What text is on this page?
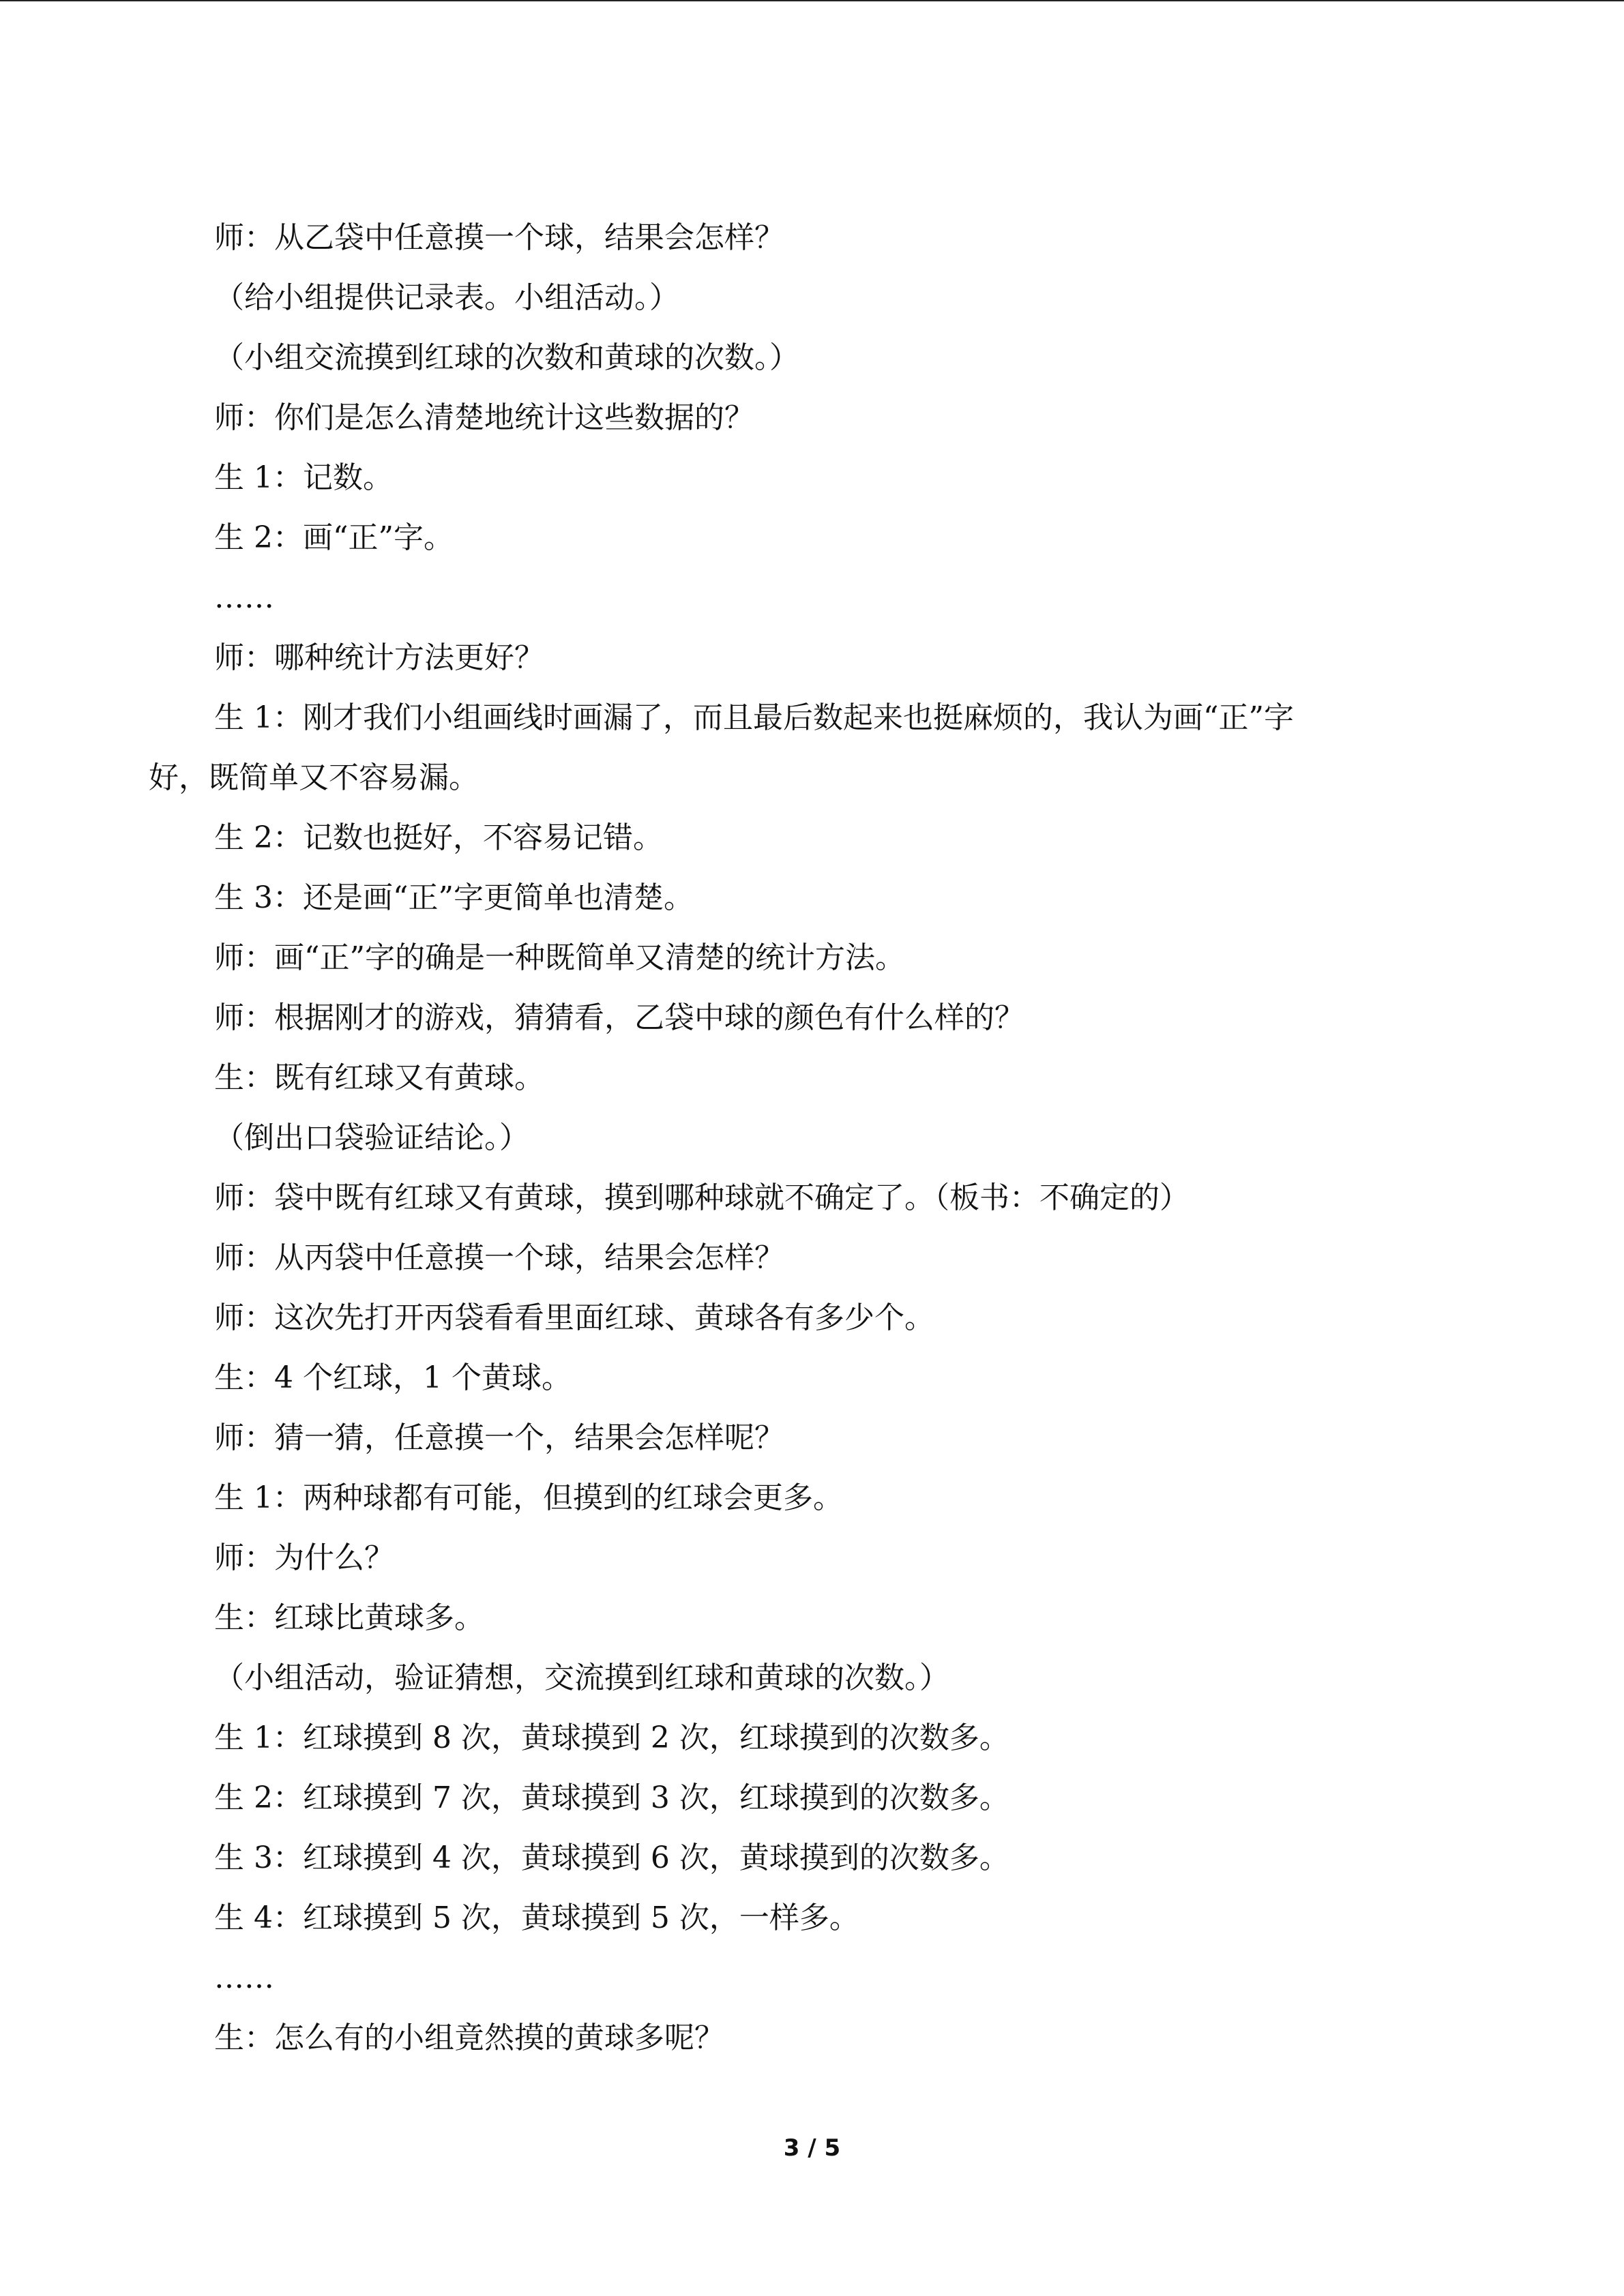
师：从乙袋中任意摸一个球，结果会怎样？
（给小组提供记录表。小组活动。）
（小组交流摸到红球的次数和黄球的次数。）
师：你们是怎么清楚地统计这些数据的？
生 1：记数。
生 2：画“正”字。
……
师：哪种统计方法更好？
生 1：刚才我们小组画线时画漏了，而且最后数起来也挺麻烦的，我认为画“正”字
好，既简单又不容易漏。
生 2：记数也挺好，不容易记错。
生 3：还是画“正”字更简单也清楚。
师：画“正”字的确是一种既简单又清楚的统计方法。
师：根据刚才的游戏，猜猜看，乙袋中球的颜色有什么样的？
生：既有红球又有黄球。
（倒出口袋验证结论。）
师：袋中既有红球又有黄球，摸到哪种球就不确定了。（板书：不确定的）
师：从丙袋中任意摸一个球，结果会怎样？
师：这次先打开丙袋看看里面红球、黄球各有多少个。
生：4 个红球，1 个黄球。
师：猜一猜，任意摸一个，结果会怎样呢？
生 1：两种球都有可能，但摸到的红球会更多。
师：为什么？
生：红球比黄球多。
（小组活动，验证猜想，交流摸到红球和黄球的次数。）
生 1：红球摸到 8 次，黄球摸到 2 次，红球摸到的次数多。
生 2：红球摸到 7 次，黄球摸到 3 次，红球摸到的次数多。
生 3：红球摸到 4 次，黄球摸到 6 次，黄球摸到的次数多。
生 4：红球摸到 5 次，黄球摸到 5 次，一样多。
……
生：怎么有的小组竟然摸的黄球多呢？
3 / 5
